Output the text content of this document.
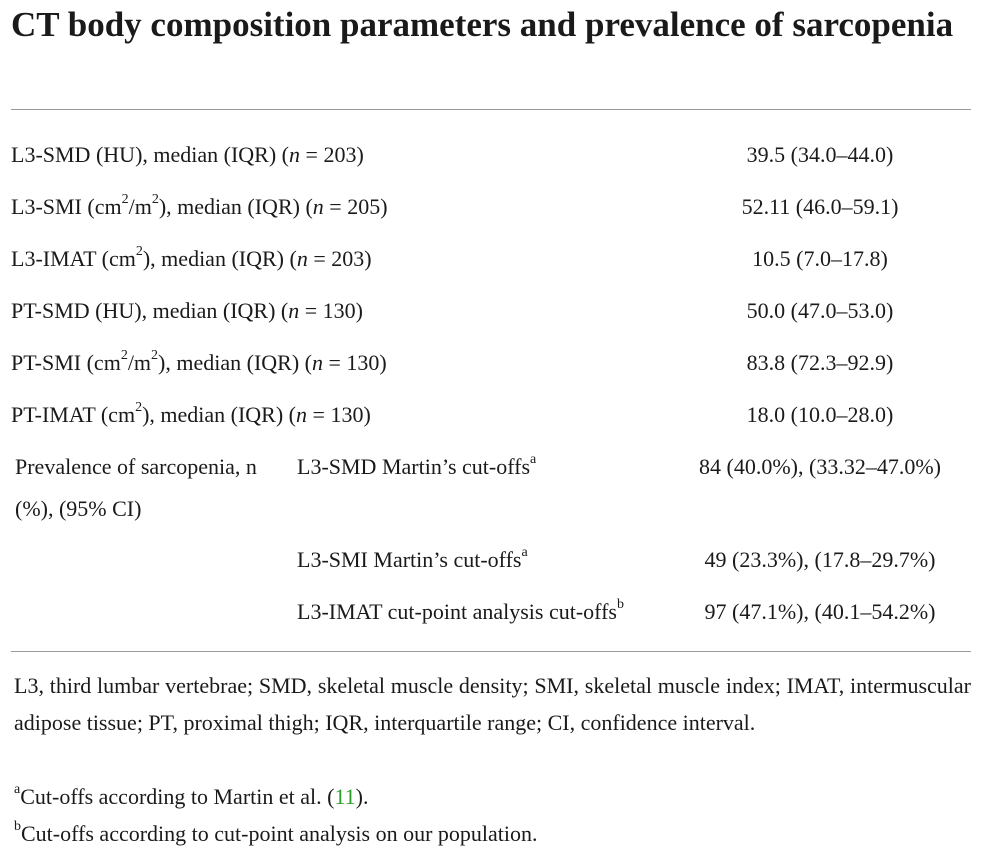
CT body composition parameters and prevalence of sarcopenia
L3-SMD (HU), median (IQR) (n = 203)	39.5 (34.0–44.0)
L3-SMI $(cm^2/m^2)$, median (IQR) (n = 205)	52.11 (46.0–59.1)
L3-IMAT $(cm^2)$, median (IQR) (n = 203)	10.5 (7.0–17.8)
PT-SMD (HU), median (IQR) (n = 130)	50.0 (47.0–53.0)
PT-SMI $(cm^2/m^2)$, median (IQR) (n = 130)	83.8 (72.3–92.9)
PT-IMAT $(cm^2)$, median (IQR) (n = 130)	18.0 (10.0–28.0)
Prevalence of sarcopenia, n
(%), (95% CI)
L3-SMD Martin’s cut-offs$^a$	84 (40.0%), (33.32–47.0%)
L3-SMI Martin’s cut-offs$^a$	49 (23.3%), (17.8–29.7%)
L3-IMAT cut-point analysis cut-offs$^b$	97 (47.1%), (40.1–54.2%)
L3, third lumbar vertebrae; SMD, skeletal muscle density; SMI, skeletal muscle index; IMAT, intermuscular adipose tissue; PT, proximal thigh; IQR, interquartile range; CI, confidence interval.
$^a$Cut-offs according to Martin et al. (11).
$^b$Cut-offs according to cut-point analysis on our population.
